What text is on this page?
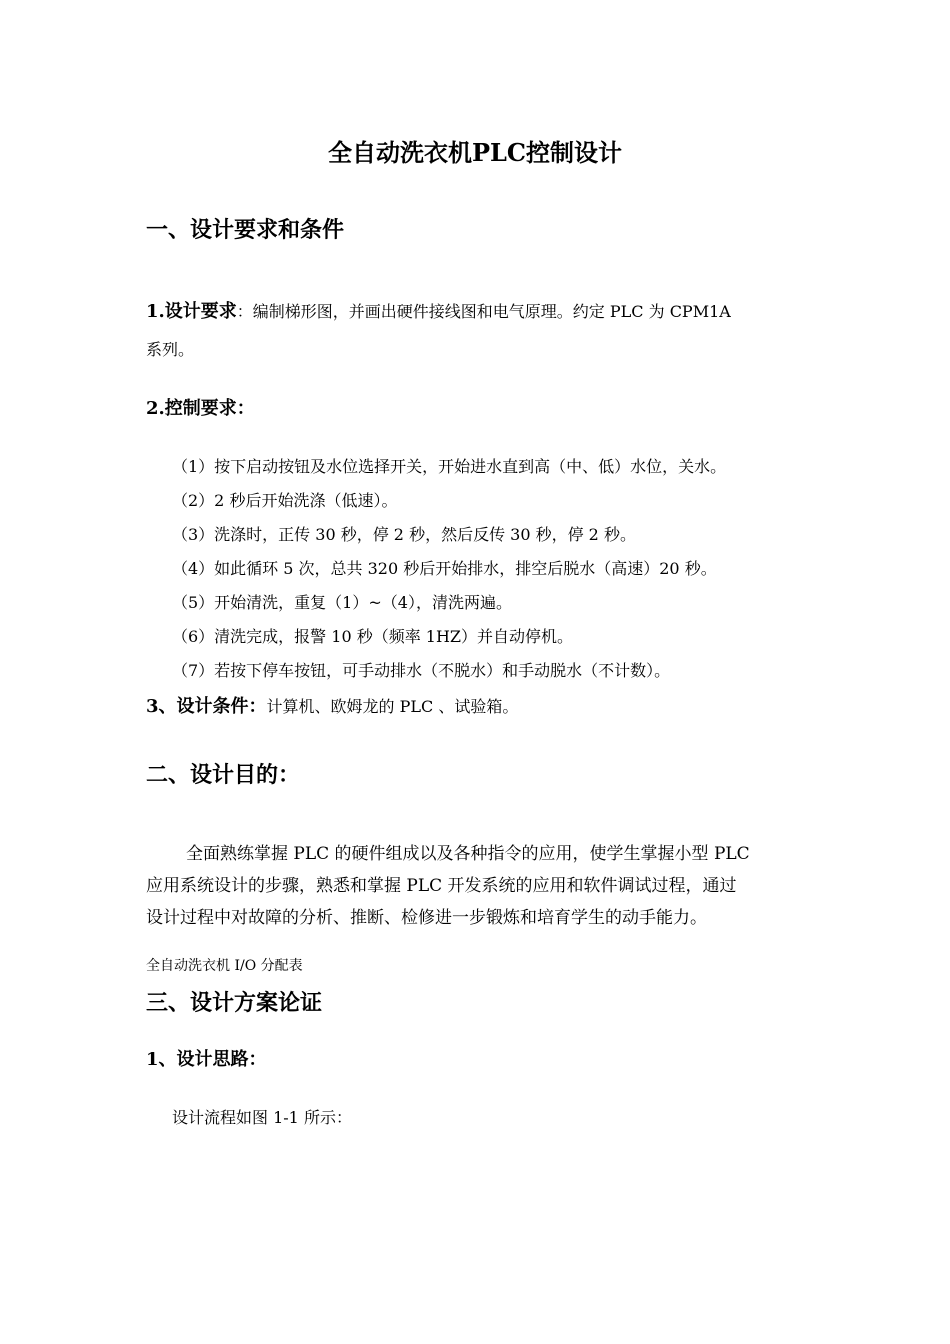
全自动洗衣机PLC控制设计
一、设计要求和条件
1.设计要求：编制梯形图，并画出硬件接线图和电气原理。约定 PLC 为 CPM1A
系列。
2.控制要求：
（1）按下启动按钮及水位选择开关，开始进水直到高（中、低）水位，关水。
（2）2 秒后开始洗涤（低速）。
（3）洗涤时，正传 30 秒，停 2 秒，然后反传 30 秒，停 2 秒。
（4）如此循环 5 次，总共 320 秒后开始排水，排空后脱水（高速）20 秒。
（5）开始清洗，重复（1）~（4），清洗两遍。
（6）清洗完成，报警 10 秒（频率 1HZ）并自动停机。
（7）若按下停车按钮，可手动排水（不脱水）和手动脱水（不计数）。
3、设计条件：计算机、欧姆龙的 PLC 、试验箱。
二、设计目的：
全面熟练掌握 PLC 的硬件组成以及各种指令的应用，使学生掌握小型 PLC
应用系统设计的步骤，熟悉和掌握 PLC 开发系统的应用和软件调试过程，通过
设计过程中对故障的分析、推断、检修进一步锻炼和培育学生的动手能力。
全自动洗衣机 I/O 分配表
三、设计方案论证
1、设计思路：
设计流程如图 1-1 所示：
